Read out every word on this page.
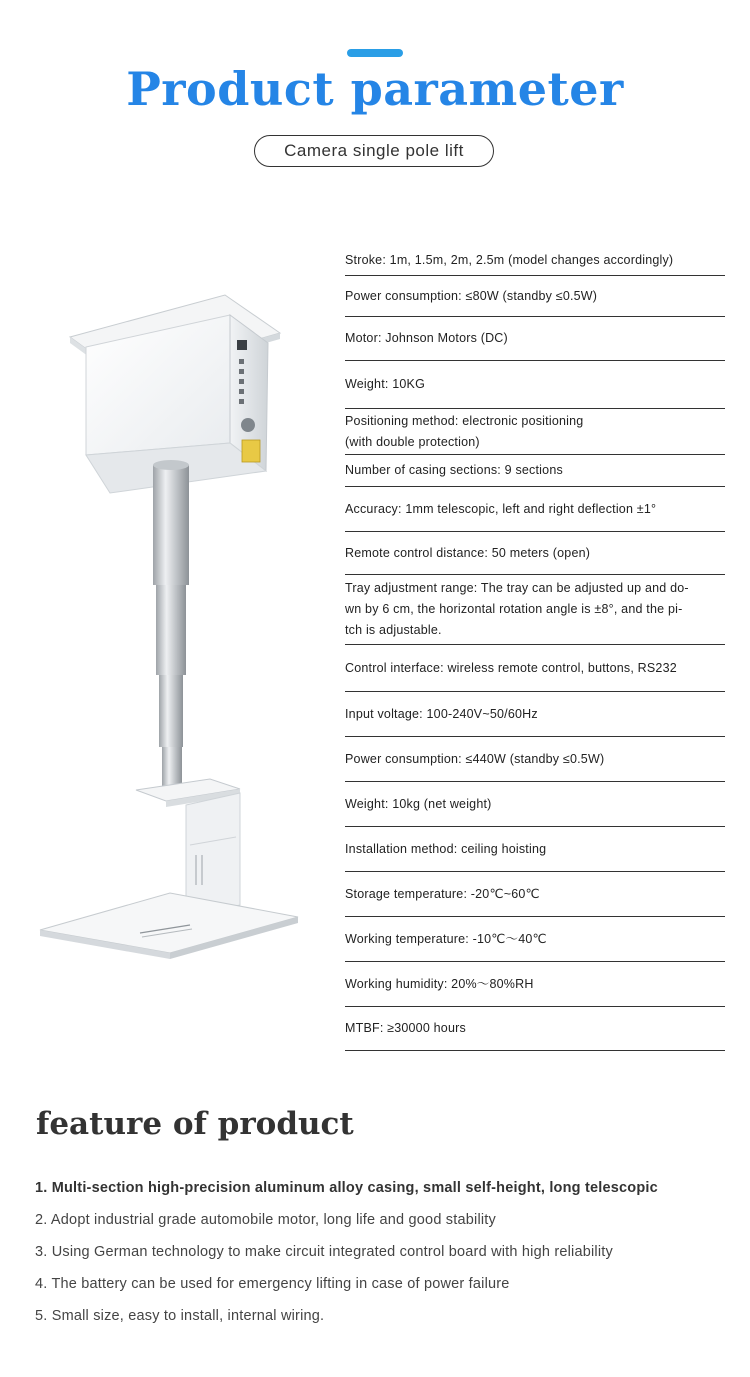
Product parameter
Camera single pole lift
Stroke: 1m, 1.5m, 2m, 2.5m (model changes accordingly)
Power consumption: ≤80W (standby ≤0.5W)
Motor: Johnson Motors (DC)
Weight: 10KG
Positioning method: electronic positioning
(with double protection)
Number of casing sections: 9 sections
Accuracy: 1mm telescopic, left and right deflection ±1°
Remote control distance: 50 meters (open)
Tray adjustment range: The tray can be adjusted up and do-
wn by 6 cm, the horizontal rotation angle is ±8°, and the pi-
tch is adjustable.
Control interface: wireless remote control, buttons, RS232
Input voltage: 100-240V~50/60Hz
Power consumption: ≤440W (standby ≤0.5W)
Weight: 10kg (net weight)
Installation method: ceiling hoisting
Storage temperature: -20℃~60℃
Working temperature: -10℃～40℃
Working humidity: 20%～80%RH
MTBF: ≥30000 hours
feature of product
1. Multi-section high-precision aluminum alloy casing, small self-height, long telescopic
2. Adopt industrial grade automobile motor, long life and good stability
3. Using German technology to make circuit integrated control board with high reliability
4. The battery can be used for emergency lifting in case of power failure
5. Small size, easy to install, internal wiring.
